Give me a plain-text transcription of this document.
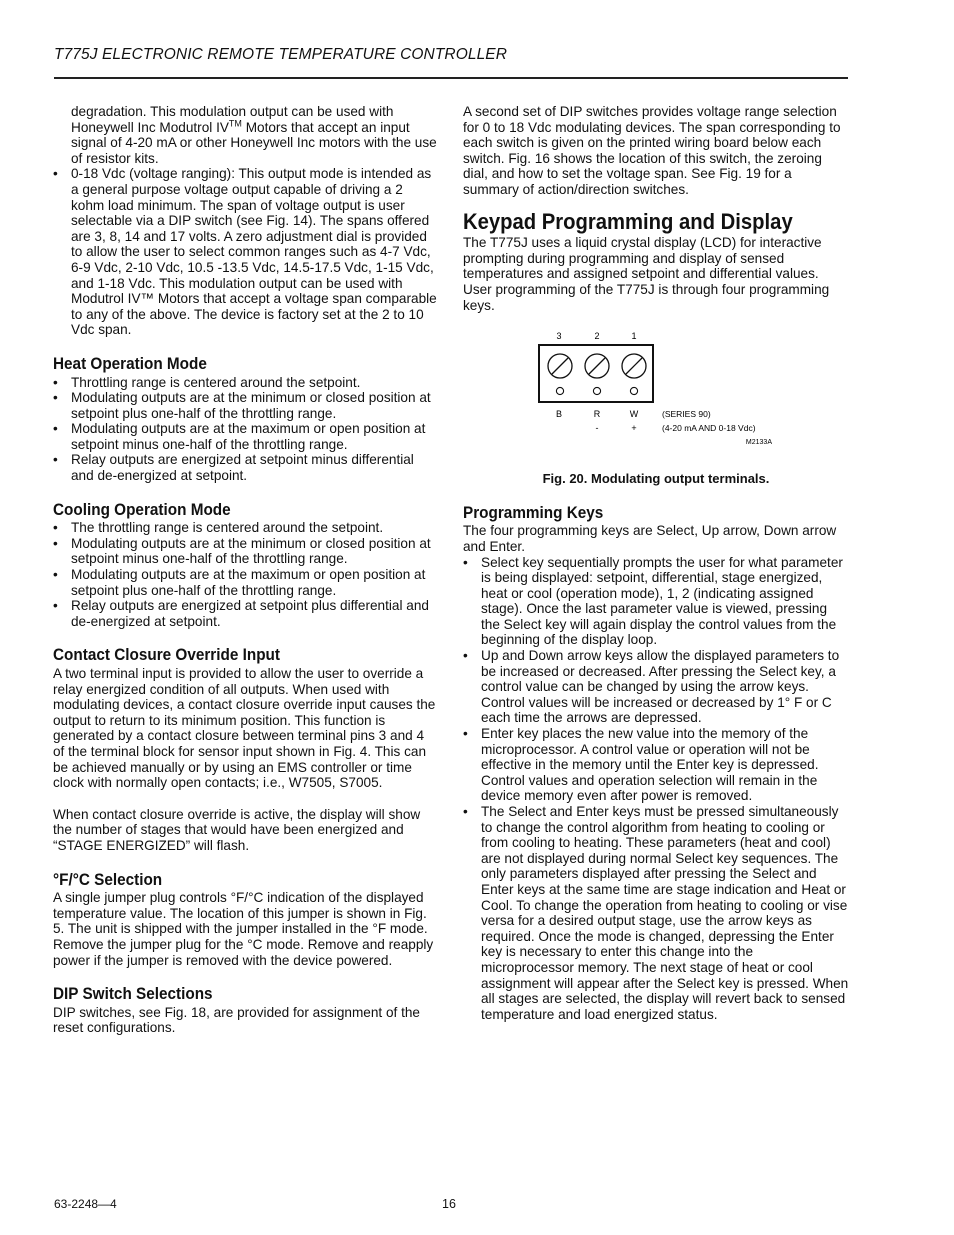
T775J ELECTRONIC REMOTE TEMPERATURE CONTROLLER

degradation. This modulation output can be used with Honeywell Inc Modutrol IV™ Motors that accept an input signal of 4-20 mA or other Honeywell Inc motors with the use of resistor kits.

• 0-18 Vdc (voltage ranging): This output mode is intended as a general purpose voltage output capable of driving a 2 kohm load minimum. The span of voltage output is user selectable via a DIP switch (see Fig. 14). The spans offered are 3, 8, 14 and 17 volts. A zero adjustment dial is provided to allow the user to select common ranges such as 4-7 Vdc, 6-9 Vdc, 2-10 Vdc, 10.5 -13.5 Vdc, 14.5-17.5 Vdc, 1-15 Vdc, and 1-18 Vdc. This modulation output can be used with Modutrol IV™ Motors that accept a voltage span comparable to any of the above. The device is factory set at the 2 to 10 Vdc span.
Heat Operation Mode
• Throttling range is centered around the setpoint.
• Modulating outputs are at the minimum or closed position at setpoint plus one-half of the throttling range.
• Modulating outputs are at the maximum or open position at setpoint minus one-half of the throttling range.
• Relay outputs are energized at setpoint minus differential and de-energized at setpoint.
Cooling Operation Mode
• The throttling range is centered around the setpoint.
• Modulating outputs are at the minimum or closed position at setpoint minus one-half of the throttling range.
• Modulating outputs are at the maximum or open position at setpoint plus one-half of the throttling range.
• Relay outputs are energized at setpoint plus differential and de-energized at setpoint.
Contact Closure Override Input

A two terminal input is provided to allow the user to override a relay energized condition of all outputs. When used with modulating devices, a contact closure override input causes the output to return to its minimum position. This function is generated by a contact closure between terminal pins 3 and 4 of the terminal block for sensor input shown in Fig. 4. This can be achieved manually or by using an EMS controller or time clock with normally open contacts; i.e., W7505, S7005.

When contact closure override is active, the display will show the number of stages that would have been energized and “STAGE ENERGIZED” will flash.

°F/°C Selection

A single jumper plug controls °F/°C indication of the displayed temperature value. The location of this jumper is shown in Fig. 5. The unit is shipped with the jumper installed in the °F mode. Remove the jumper plug for the °C mode. Remove and reapply power if the jumper is removed with the device powered.

DIP Switch Selections

DIP switches, see Fig. 18, are provided for assignment of the reset configurations.

A second set of DIP switches provides voltage range selection for 0 to 18 Vdc modulating devices. The span corresponding to each switch is given on the printed wiring board below each switch. Fig. 16 shows the location of this switch, the zeroing dial, and how to set the voltage span. See Fig. 19 for a summary of action/direction switches.

Keypad Programming and Display

The T775J uses a liquid crystal display (LCD) for interactive prompting during programming and display of sensed temperatures and assigned setpoint and differential values. User programming of the T775J is through four programming keys.

3	2	1
B	R	W
-	+
(SERIES 90)
(4-20 mA AND 0-18 Vdc)
M2133A

Fig. 20. Modulating output terminals.

Programming Keys

The four programming keys are Select, Up arrow, Down arrow and Enter.

• Select key sequentially prompts the user for what parameter is being displayed: setpoint, differential, stage energized, heat or cool (operation mode), 1, 2 (indicating assigned stage). Once the last parameter value is viewed, pressing the Select key will again display the control values from the beginning of the display loop.
• Up and Down arrow keys allow the displayed parameters to be increased or decreased. After pressing the Select key, a control value can be changed by using the arrow keys. Control values will be increased or decreased by 1° F or C each time the arrows are depressed.
• Enter key places the new value into the memory of the microprocessor. A control value or operation will not be effective in the memory until the Enter key is depressed. Control values and operation selection will remain in the device memory even after power is removed.
• The Select and Enter keys must be pressed simultaneously to change the control algorithm from heating to cooling or from cooling to heating. These parameters (heat and cool) are not displayed during normal Select key sequences. The only parameters displayed after pressing the Select and Enter keys at the same time are stage indication and Heat or Cool. To change the operation from heating to cooling or vise versa for a desired output stage, use the arrow keys as required. Once the mode is changed, depressing the Enter key is necessary to enter this change into the microprocessor memory. The next stage of heat or cool assignment will appear after the Select key is pressed. When all stages are selected, the display will revert back to sensed temperature and load energized status.
63-2248—4	16
